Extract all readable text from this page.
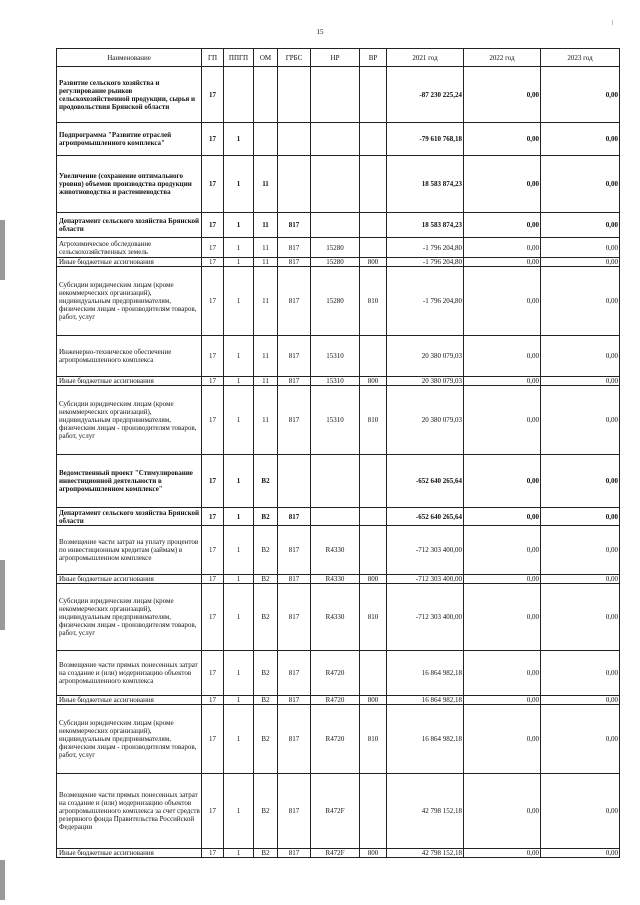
15
Наименование	ГП	ППГП	ОМ	ГРБС	НР	ВР	2021 год	2022 год	2023 год
Развитие сельского хозяйства и регулирование рынков сельскохозяйственной продукции, сырья и продовольствия Брянской области	17						-87 230 225,24	0,00	0,00
Подпрограмма "Развитие отраслей агропромышленного комплекса"	17	1					-79 610 768,18	0,00	0,00
Увеличение (сохранение оптимального уровня) объемов производства продукции животноводства и растениеводства	17	1	11				18 583 874,23	0,00	0,00
Департамент сельского хозяйства Брянской области	17	1	11	817			18 583 874,23	0,00	0,00
Агрохимическое обследование сельскохозяйственных земель	17	1	11	817	15280		-1 796 204,80	0,00	0,00
Иные бюджетные ассигнования	17	1	11	817	15280	800	-1 796 204,80	0,00	0,00
Субсидии юридическим лицам (кроме некоммерческих организаций), индивидуальным предпринимателям, физическим лицам - производителям товаров, работ, услуг	17	1	11	817	15280	810	-1 796 204,80	0,00	0,00
Инженерно-техническое обеспечение агропромышленного комплекса	17	1	11	817	15310		20 380 079,03	0,00	0,00
Иные бюджетные ассигнования	17	1	11	817	15310	800	20 380 079,03	0,00	0,00
Субсидии юридическим лицам (кроме некоммерческих организаций), индивидуальным предпринимателям, физическим лицам - производителям товаров, работ, услуг	17	1	11	817	15310	810	20 380 079,03	0,00	0,00
Ведомственный проект "Стимулирование инвестиционной деятельности в агропромышленном комплексе"	17	1	В2				-652 640 265,64	0,00	0,00
Департамент сельского хозяйства Брянской области	17	1	В2	817			-652 640 265,64	0,00	0,00
Возмещение части затрат на уплату процентов по инвестиционным кредитам (займам) в агропромышленном комплексе	17	1	В2	817	R4330		-712 303 400,00	0,00	0,00
Иные бюджетные ассигнования	17	1	В2	817	R4330	800	-712 303 400,00	0,00	0,00
Субсидии юридическим лицам (кроме некоммерческих организаций), индивидуальным предпринимателям, физическим лицам - производителям товаров, работ, услуг	17	1	В2	817	R4330	810	-712 303 400,00	0,00	0,00
Возмещение части прямых понесенных затрат на создание и (или) модернизацию объектов агропромышленного комплекса	17	1	В2	817	R4720		16 864 982,18	0,00	0,00
Иные бюджетные ассигнования	17	1	В2	817	R4720	800	16 864 982,18	0,00	0,00
Субсидии юридическим лицам (кроме некоммерческих организаций), индивидуальным предпринимателям, физическим лицам - производителям товаров, работ, услуг	17	1	В2	817	R4720	810	16 864 982,18	0,00	0,00
Возмещение части прямых понесенных затрат на создание и (или) модернизацию объектов агропромышленного комплекса за счет средств резервного фонда Правительства Российской Федерации	17	1	В2	817	R472F		42 798 152,18	0,00	0,00
Иные бюджетные ассигнования	17	1	В2	817	R472F	800	42 798 152,18	0,00	0,00
